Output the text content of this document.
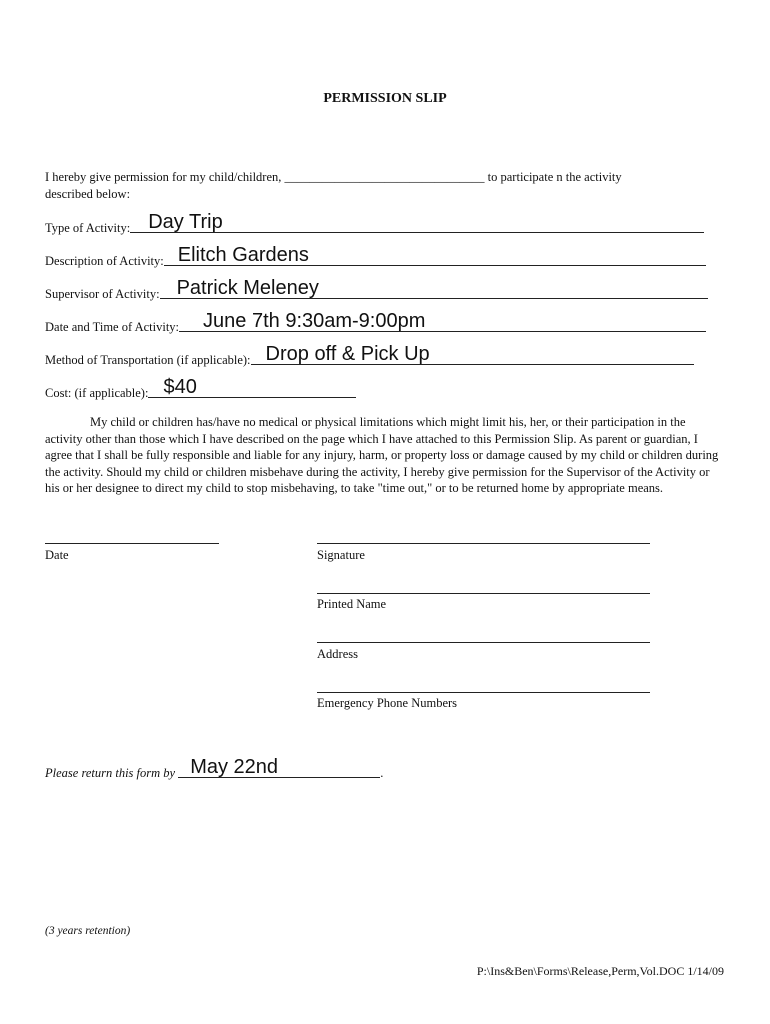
PERMISSION SLIP
I hereby give permission for my child/children, ________________________________ to participate n the activity
described below:
Type of Activity: Day Trip
Description of Activity: Elitch Gardens
Supervisor of Activity: Patrick Meleney
Date and Time of Activity: June 7th 9:30am-9:00pm
Method of Transportation (if applicable): Drop off & Pick Up
Cost: (if applicable): $40
My child or children has/have no medical or physical limitations which might limit his, her, or their participation in the activity other than those which I have described on the page which I have attached to this Permission Slip. As parent or guardian, I agree that I shall be fully responsible and liable for any injury, harm, or property loss or damage caused by my child or children during the activity. Should my child or children misbehave during the activity, I hereby give permission for the Supervisor of the Activity or his or her designee to direct my child to stop misbehaving, to take "time out," or to be returned home by appropriate means.
Date	Signature
Printed Name
Address
Emergency Phone Numbers
Please return this form by
May 22nd	.
(3 years retention)
P:\Ins&Ben\Forms\Release,Perm,Vol.DOC 1/14/09
